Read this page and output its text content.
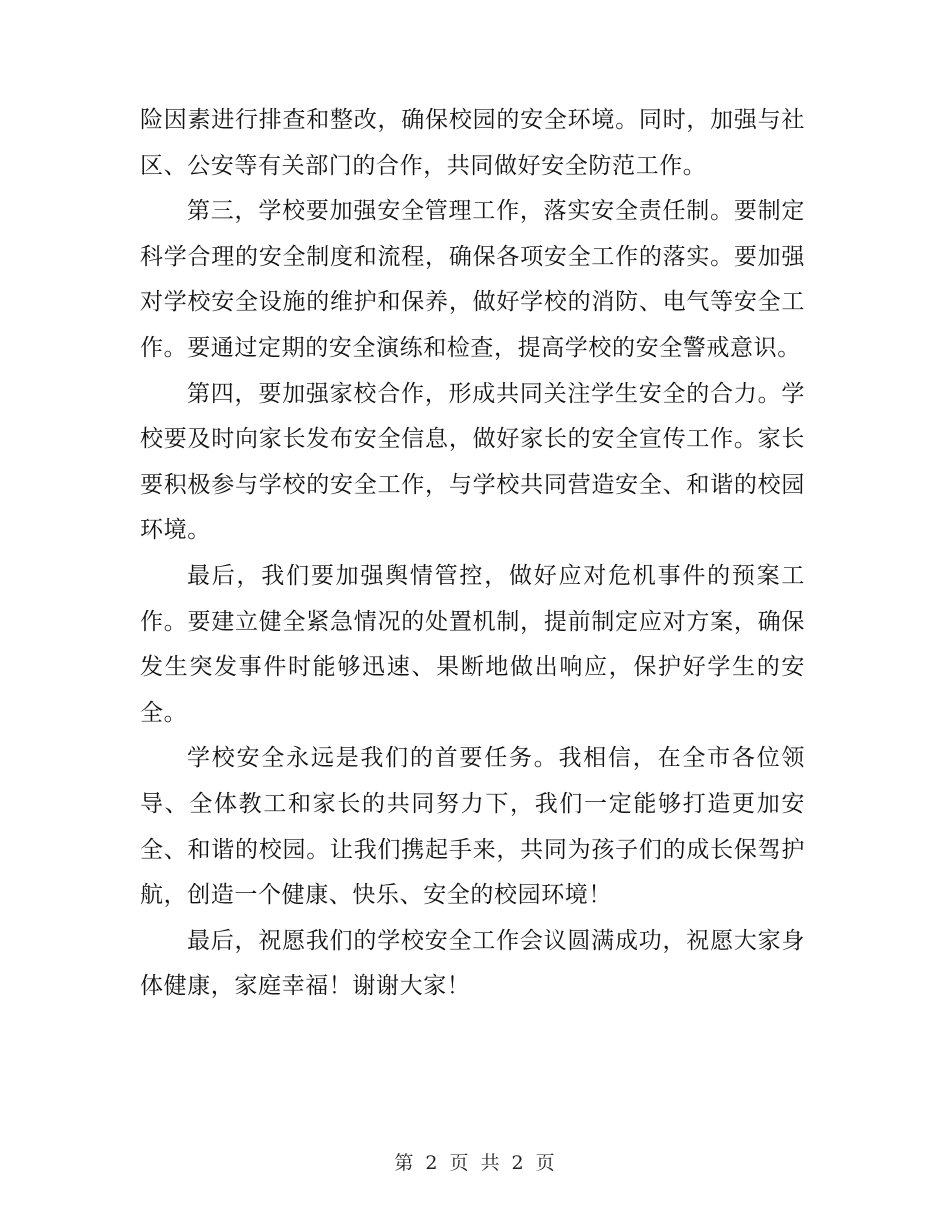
险因素进行排查和整改，确保校园的安全环境。同时，加强与社区、公安等有关部门的合作，共同做好安全防范工作。

第三，学校要加强安全管理工作，落实安全责任制。要制定科学合理的安全制度和流程，确保各项安全工作的落实。要加强对学校安全设施的维护和保养，做好学校的消防、电气等安全工作。要通过定期的安全演练和检查，提高学校的安全警戒意识。

第四，要加强家校合作，形成共同关注学生安全的合力。学校要及时向家长发布安全信息，做好家长的安全宣传工作。家长要积极参与学校的安全工作，与学校共同营造安全、和谐的校园环境。

最后，我们要加强舆情管控，做好应对危机事件的预案工作。要建立健全紧急情况的处置机制，提前制定应对方案，确保发生突发事件时能够迅速、果断地做出响应，保护好学生的安全。

学校安全永远是我们的首要任务。我相信，在全市各位领导、全体教工和家长的共同努力下，我们一定能够打造更加安全、和谐的校园。让我们携起手来，共同为孩子们的成长保驾护航，创造一个健康、快乐、安全的校园环境！

最后，祝愿我们的学校安全工作会议圆满成功，祝愿大家身体健康，家庭幸福！谢谢大家！

第 2 页 共 2 页
